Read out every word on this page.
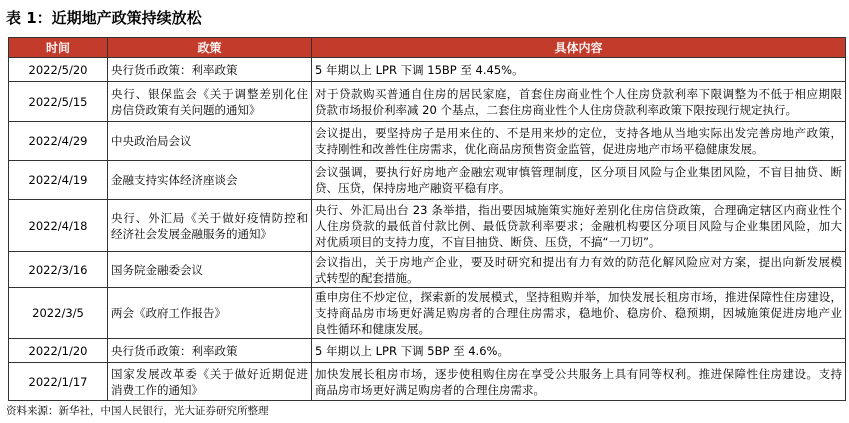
表 1：近期地产政策持续放松
时间	政策	具体内容
2022/5/20	央行货币政策：利率政策	5 年期以上 LPR 下调 15BP 至 4.45%。

2022/5/15	央行、银保监会《关于调整差别化住
房信贷政策有关问题的通知》	对于贷款购买普通自住房的居民家庭，首套住房商业性个人住房贷款利率下限调整为不低于相应期限
贷款市场报价利率减 20 个基点，二套住房商业性个人住房贷款利率政策下限按现行规定执行。

2022/4/29	中央政治局会议	会议提出，要坚持房子是用来住的、不是用来炒的定位，支持各地从当地实际出发完善房地产政策，
支持刚性和改善性住房需求，优化商品房预售资金监管，促进房地产市场平稳健康发展。

2022/4/19	金融支持实体经济座谈会	会议强调，要执行好房地产金融宏观审慎管理制度，区分项目风险与企业集团风险，不盲目抽贷、断
贷、压贷，保持房地产融资平稳有序。

2022/4/18	央行、外汇局《关于做好疫情防控和
经济社会发展金融服务的通知》	央行、外汇局出台 23 条举措，指出要因城施策实施好差别化住房信贷政策，合理确定辖区内商业性个
人住房贷款的最低首付款比例、最低贷款利率要求；金融机构要区分项目风险与企业集团风险，加大
对优质项目的支持力度，不盲目抽贷、断贷、压贷，不搞“一刀切”。

2022/3/16	国务院金融委会议	会议指出，关于房地产企业，要及时研究和提出有力有效的防范化解风险应对方案，提出向新发展模
式转型的配套措施。

2022/3/5	两会《政府工作报告》	重申房住不炒定位，探索新的发展模式，坚持租购并举，加快发展长租房市场，推进保障性住房建设，
支持商品房市场更好满足购房者的合理住房需求，稳地价、稳房价、稳预期，因城施策促进房地产业
良性循环和健康发展。

2022/1/20	央行货币政策：利率政策	5 年期以上 LPR 下调 5BP 至 4.6%。

2022/1/17	国家发展改革委《关于做好近期促进
消费工作的通知》	加快发展长租房市场，逐步使租购住房在享受公共服务上具有同等权利。推进保障性住房建设。支持
商品房市场更好满足购房者的合理住房需求。
资料来源：新华社，中国人民银行，光大证券研究所整理
